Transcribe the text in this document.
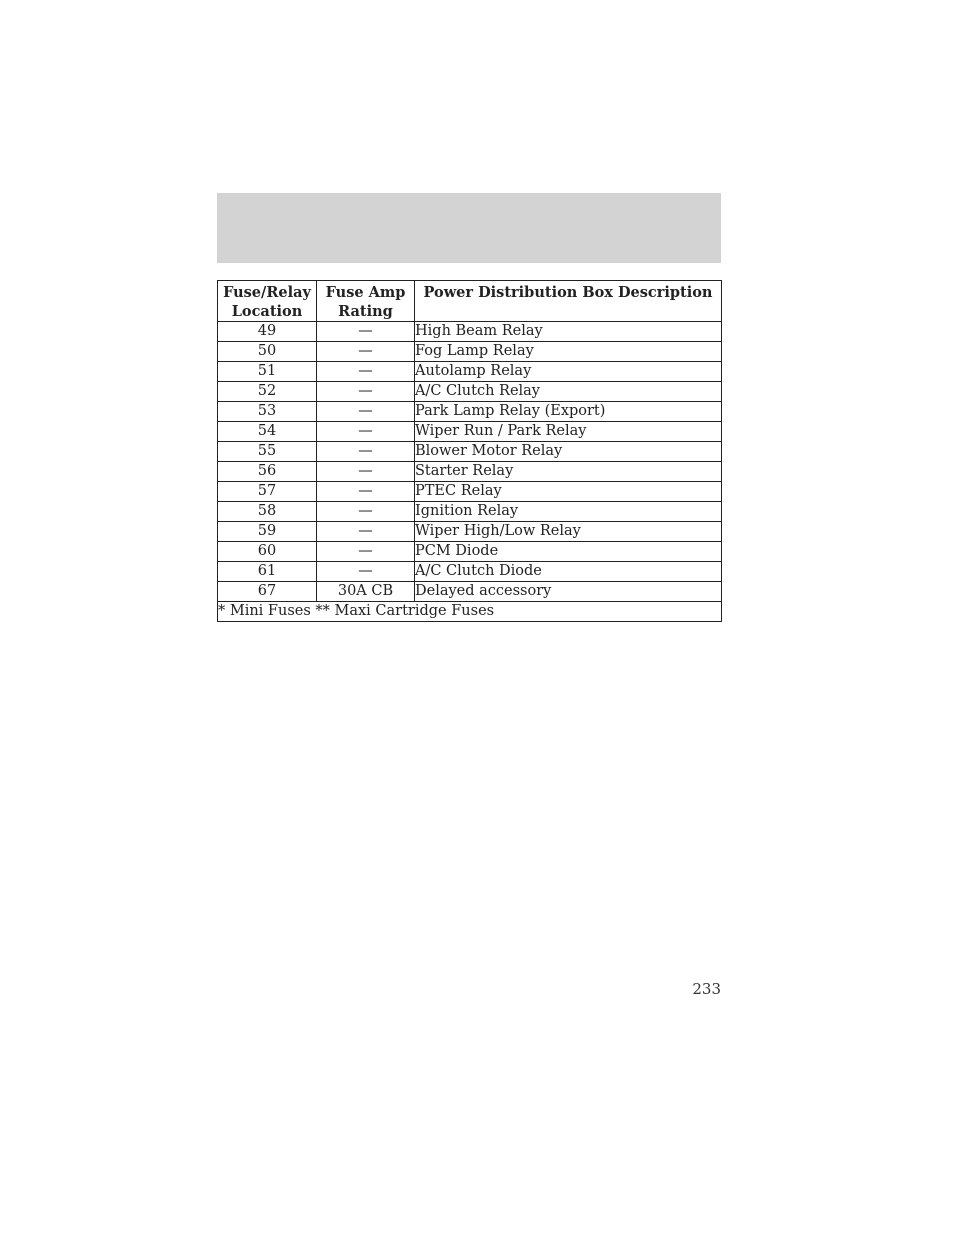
Fuse/Relay Location	Fuse Amp Rating	Power Distribution Box Description
49	—	High Beam Relay
50	—	Fog Lamp Relay
51	—	Autolamp Relay
52	—	A/C Clutch Relay
53	—	Park Lamp Relay (Export)
54	—	Wiper Run / Park Relay
55	—	Blower Motor Relay
56	—	Starter Relay
57	—	PTEC Relay
58	—	Ignition Relay
59	—	Wiper High/Low Relay
60	—	PCM Diode
61	—	A/C Clutch Diode
67	30A CB	Delayed accessory
* Mini Fuses ** Maxi Cartridge Fuses		
233
